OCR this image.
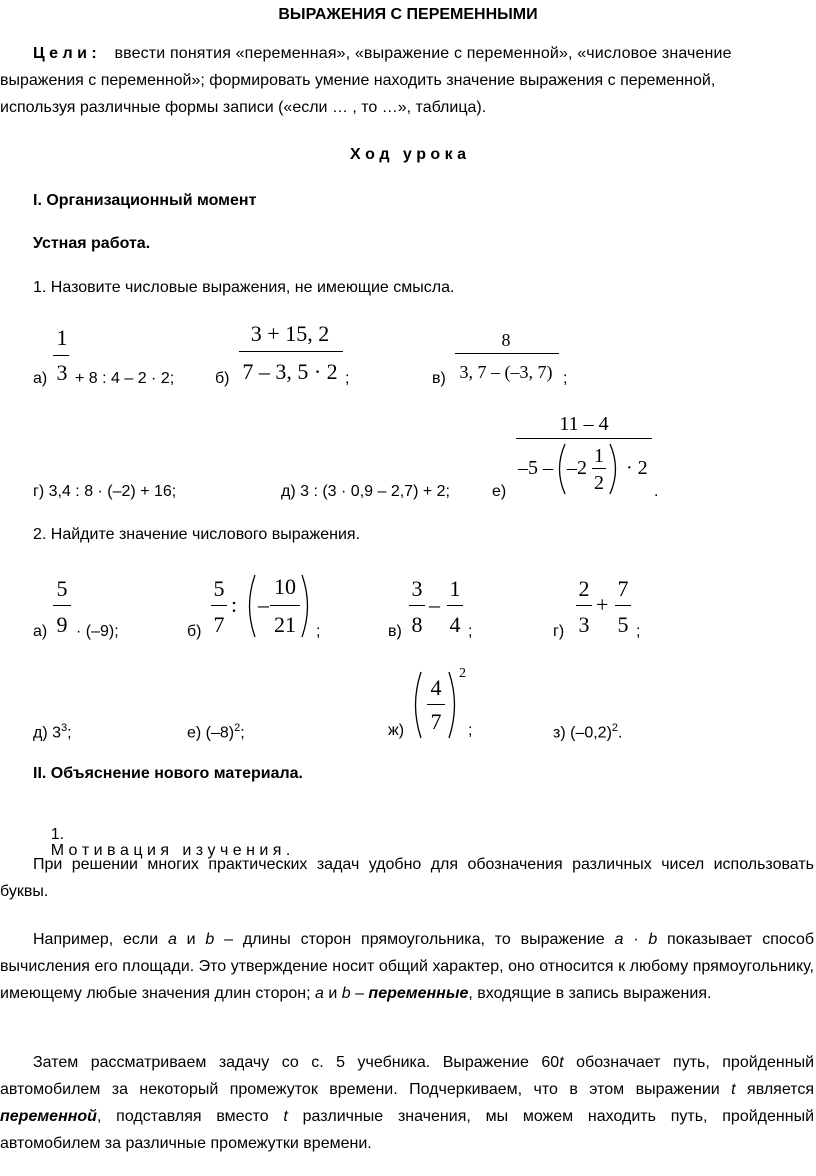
ВЫРАЖЕНИЯ С ПЕРЕМЕННЫМИ
Ц е л и : ввести понятия «переменная», «выражение с переменной», «числовое значение
выражения с переменной»; формировать умение находить значение выражения с переменной,
используя различные формы записи («если … , то …», таблица).
Х о д   у р о к а
I. Организационный момент
Устная работа.
1. Назовите числовые выражения, не имеющие смысла.
а)
1
3 + 8 : 4 – 2 · 2;	б)
3 + 15, 2
7 – 3, 5 · 2 ;	в)
8
3, 7 – (–3, 7) ;
г) 3,4 : 8 · (–2) + 16;	д) 3 : (3 · 0,9 – 2,7) + 2;	е)
11 – 4
–5 – –2
1
2
· 2
.
2. Найдите значение числового выражения.
а)
5
9 · (–9);	б)
5
7
: –
10
21	;	в)
3
8
–
1
4 ;	г)
2
3
+
7
5 ;
д) $3^3$;	е) $(-8)^2$;	ж)
4
7
2
;	з) $(-0,2)^2$.
II. Объяснение нового материала.

1.
М о т и в а ц и я   и з у ч е н и я .

При решении многих практических задач удобно для обозначения различных чисел использовать буквы.
Например, если a и b – длины сторон прямоугольника, то выражение a · b показывает способ вычисления его площади. Это утверждение носит общий характер, оно относится к любому прямоугольнику, имеющему любые значения длин сторон; a и b – переменные, входящие в запись выражения.
Затем рассматриваем задачу со с. 5 учебника. Выражение 60t обозначает путь, пройденный автомобилем за некоторый промежуток времени. Подчеркиваем, что в этом выражении t является переменной, подставляя вместо t различные значения, мы можем находить путь, пройденный автомобилем за различные промежутки времени.
